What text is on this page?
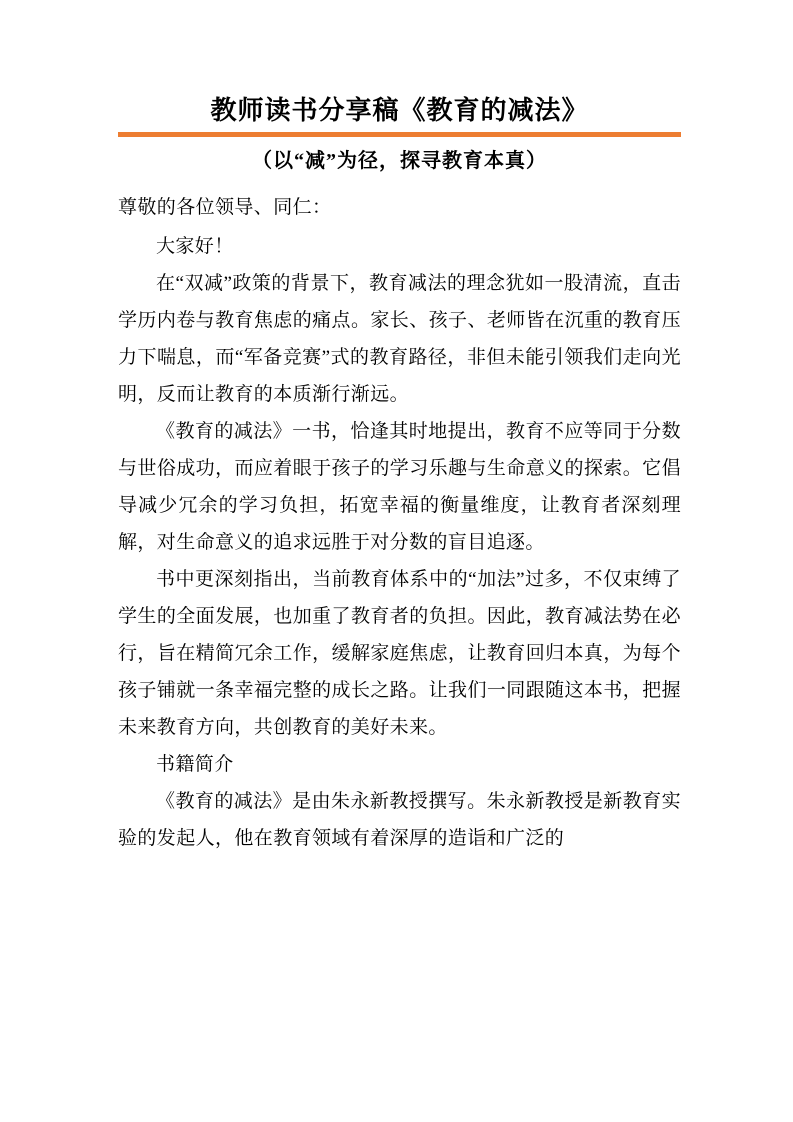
教师读书分享稿《教育的减法》
（以“减”为径，探寻教育本真）
尊敬的各位领导、同仁：

大家好！

在“双减”政策的背景下，教育减法的理念犹如一股清流，直击学历内卷与教育焦虑的痛点。家长、孩子、老师皆在沉重的教育压力下喘息，而“军备竞赛”式的教育路径，非但未能引领我们走向光明，反而让教育的本质渐行渐远。

《教育的减法》一书，恰逢其时地提出，教育不应等同于分数与世俗成功，而应着眼于孩子的学习乐趣与生命意义的探索。它倡导减少冗余的学习负担，拓宽幸福的衡量维度，让教育者深刻理解，对生命意义的追求远胜于对分数的盲目追逐。

书中更深刻指出，当前教育体系中的“加法”过多，不仅束缚了学生的全面发展，也加重了教育者的负担。因此，教育减法势在必行，旨在精简冗余工作，缓解家庭焦虑，让教育回归本真，为每个孩子铺就一条幸福完整的成长之路。让我们一同跟随这本书，把握未来教育方向，共创教育的美好未来。

书籍简介

《教育的减法》是由朱永新教授撰写。朱永新教授是新教育实验的发起人，他在教育领域有着深厚的造诣和广泛的
